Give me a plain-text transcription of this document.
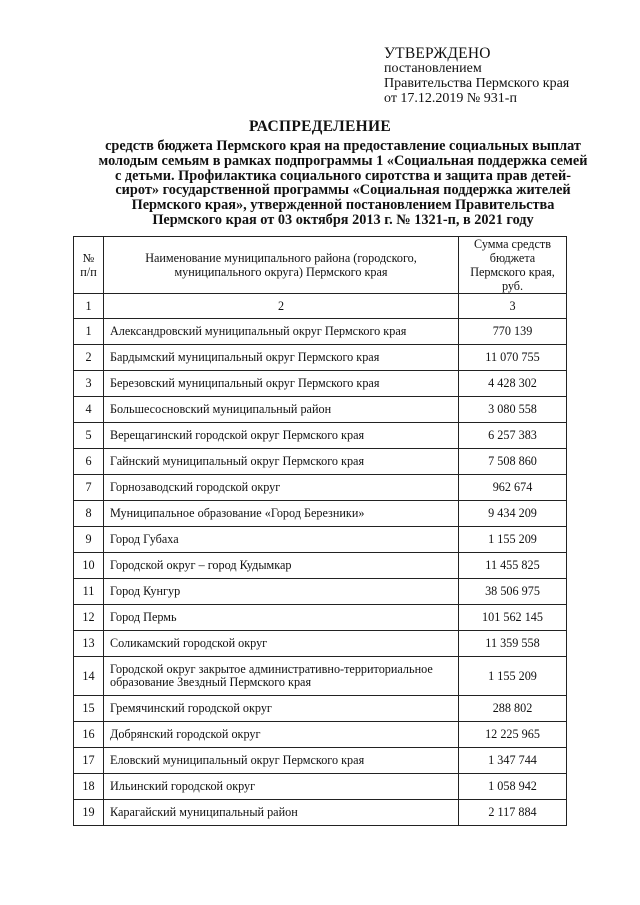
УТВЕРЖДЕНО
постановлением
Правительства Пермского края
от 17.12.2019 № 931-п
РАСПРЕДЕЛЕНИЕ
средств бюджета Пермского края на предоставление социальных выплат
молодым семьям в рамках подпрограммы 1 «Социальная поддержка семей
с детьми. Профилактика социального сиротства и защита прав детей-
сирот» государственной программы «Социальная поддержка жителей
Пермского края», утвержденной постановлением Правительства
Пермского края от 03 октября 2013 г. № 1321-п, в 2021 году
№ п/п	Наименование муниципального района (городского, муниципального округа) Пермского края	Сумма средств бюджета Пермского края, руб.
1	2	3
1	Александровский муниципальный округ Пермского края	770 139
2	Бардымский муниципальный округ Пермского края	11 070 755
3	Березовский муниципальный округ Пермского края	4 428 302
4	Большесосновский муниципальный район	3 080 558
5	Верещагинский городской округ Пермского края	6 257 383
6	Гайнский муниципальный округ Пермского края	7 508 860
7	Горнозаводский городской округ	962 674
8	Муниципальное образование «Город Березники»	9 434 209
9	Город Губаха	1 155 209
10	Городской округ – город Кудымкар	11 455 825
11	Город Кунгур	38 506 975
12	Город Пермь	101 562 145
13	Соликамский городской округ	11 359 558
14	Городской округ закрытое административно-территориальное образование Звездный Пермского края	1 155 209
15	Гремячинский городской округ	288 802
16	Добрянский городской округ	12 225 965
17	Еловский муниципальный округ Пермского края	1 347 744
18	Ильинский городской округ	1 058 942
19	Карагайский муниципальный район	2 117 884
